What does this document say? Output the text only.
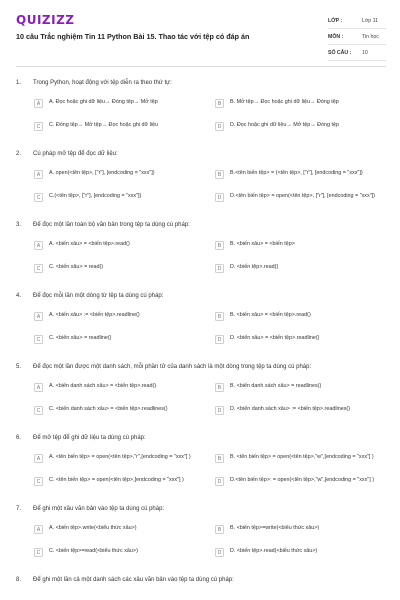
QUIZIZZ
10 câu Trắc nghiệm Tin 11 Python Bài 15. Thao tác với tệp có đáp án
LỚP :	Lớp 11
MÔN :	Tin học
SỐ CÂU :	10
1. Trong Python, hoạt động với tệp diễn ra theo thứ tự:
A	A. Đọc hoặc ghi dữ liệu→ Đóng tệp→ Mở tệp	B	B. Mở tệp→ Đọc hoặc ghi dữ liệu→ Đóng tệp
C	C. Đóng tệp→ Mở tệp→ Đọc hoặc ghi dữ liệu	D	D. Đọc hoặc ghi dữ liệu→ Mở tệp→ Đóng tệp
2. Cú pháp mở tệp để đọc dữ liệu:
A	A. open(<tên tệp>, ["r"], [endcoding = "xxx"])	B	B.<tên biến tệp> = (<tên tệp>, ["r"], [endcoding = "xxx"])
C	C.(<tên tệp>, ["r"], [endcoding = "xxx"])	D	D.<tên biến tệp> = open(<tên tệp>, ["r"], [endcoding = "xxx"])
3. Để đọc một lần toàn bộ văn bản trong tệp ta dùng cú pháp:
A	A. <biến xâu> = <biến tệp>.read()	B	B. <biến xâu> = <biến tệp>
C	C. <biến xâu> = read()	D	D. <biến tệp>.read()
4. Để đọc mỗi lần một dòng từ tệp ta dùng cú pháp:
A	A. <biến xâu> := <biến tệp>.readline()	B	B. <biến xâu> = <biến tệp>.read()
C	C. <biến xâu> = readline()	D	D. <biến xâu> = <biến tệp>.readline()
5. Để đọc một lần được một danh sách, mỗi phần tử của danh sách là một dòng trong tệp ta dùng cú pháp:
A	A. <biến danh sách xâu> = <biến tệp>.read()	B	B. <biến danh sách xâu> = readlines()
C	C. <biến danh sách xâu> = <biến tệp>.readlines()	D	D. <biến danh sách xâu> := <biến tệp>.readlines()
6. Để mở tệp để ghi dữ liệu ta dùng cú pháp:
A	A. <tên biến tệp> = open(<tên tệp>,"r",[endcoding = "xxx"] )	B	B. <tên biến tệp> = open(<tên tệp>,"w",[endcoding = "xxx"] )
C	C. <tên biến tệp> = open(<tên tệp>,[endcoding = "xxx"] )	D	D.<tên biến tệp>: = open(<tên tệp>,"w",[endcoding = "xxx"] )
7. Để ghi một xâu văn bản vào tệp ta dùng cú pháp:
A	A. <biến tệp>.write(<biểu thức xâu>)	B	B. <biến tệp>=write(<biểu thức xâu>)
C	C. <biến tệp>=read(<biểu thức xâu>)	D	D. <biến tệp>.read(<biểu thức xâu>)
8. Để ghi một lần cả một danh sách các xâu văn bản vào tệp ta dùng cú pháp:
